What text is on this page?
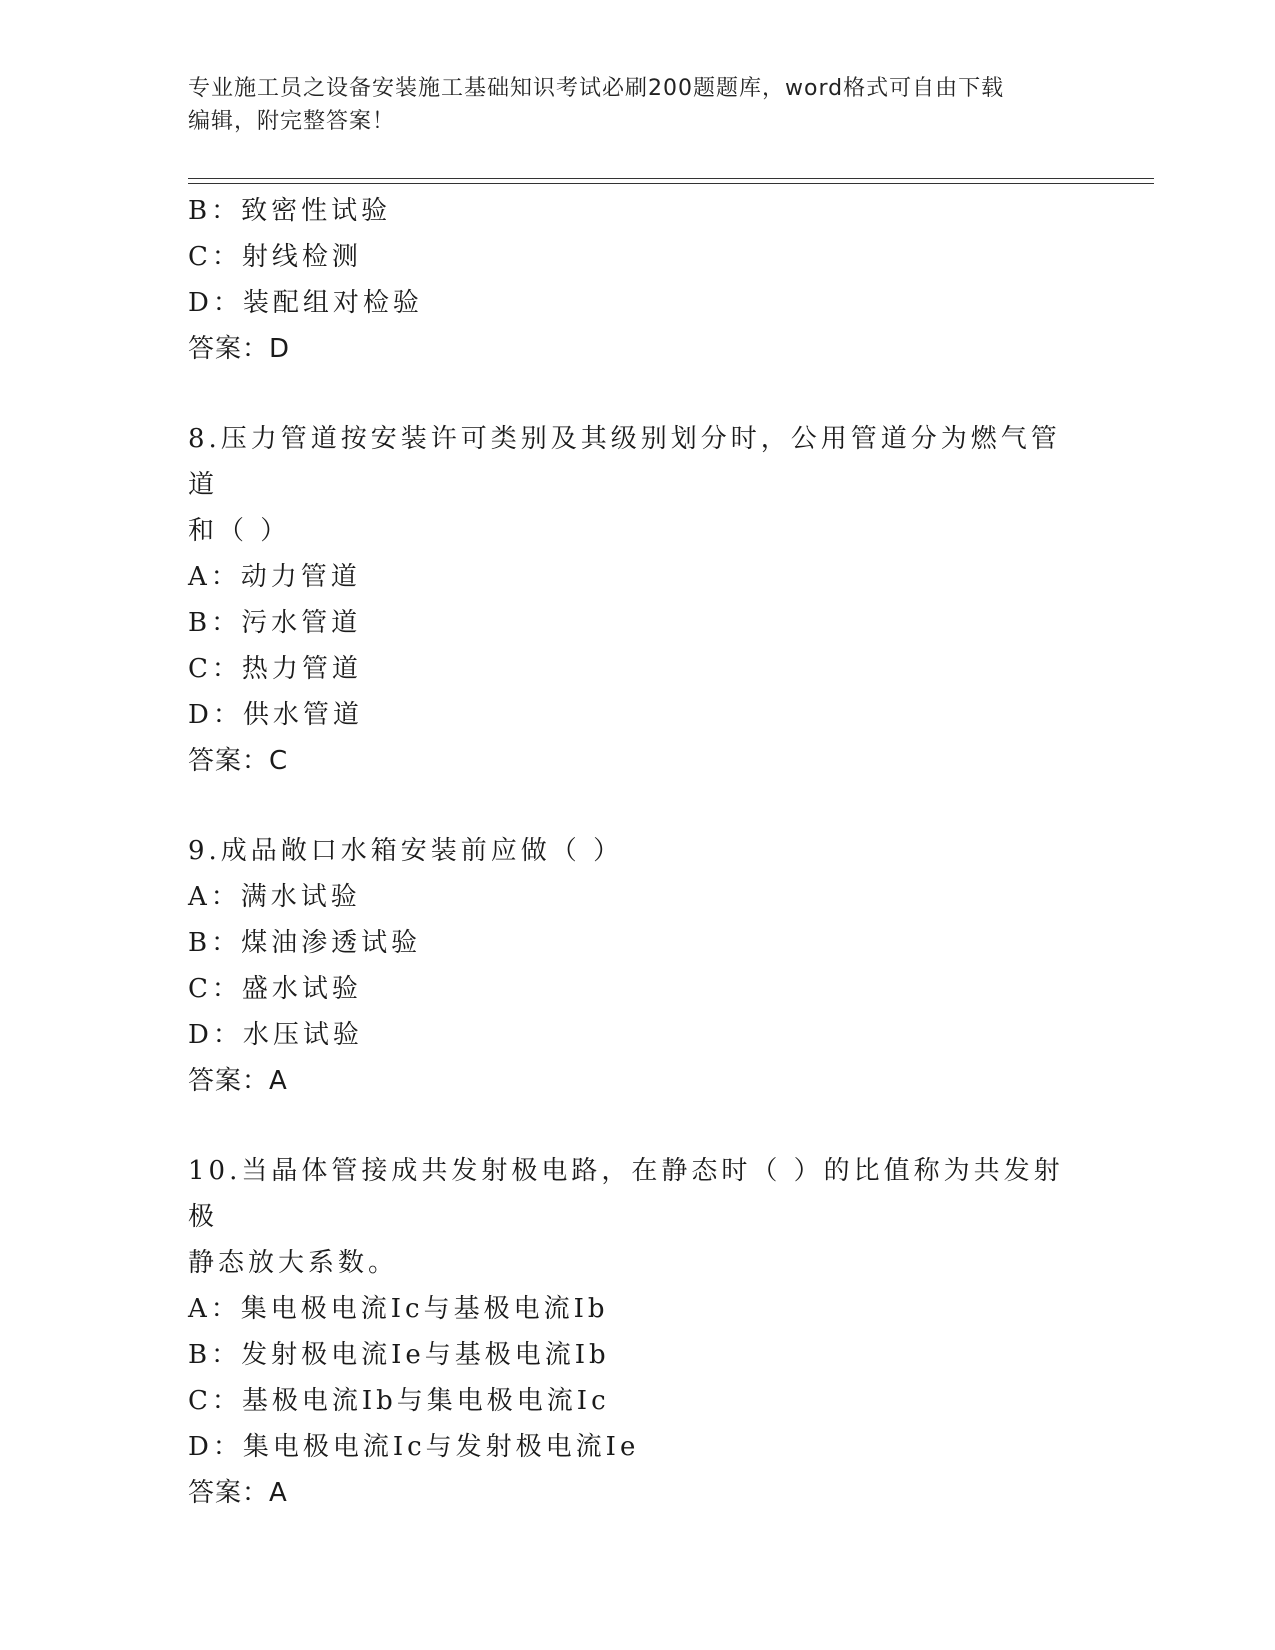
专业施工员之设备安装施工基础知识考试必刷200题题库，word格式可自由下载
编辑，附完整答案！
B：致密性试验
C：射线检测
D：装配组对检验
答案：D
8.压力管道按安装许可类别及其级别划分时，公用管道分为燃气管道
和（ ）
A：动力管道
B：污水管道
C：热力管道
D：供水管道
答案：C
9.成品敞口水箱安装前应做（ ）
A：满水试验
B：煤油渗透试验
C：盛水试验
D：水压试验
答案：A
10.当晶体管接成共发射极电路，在静态时（ ）的比值称为共发射极
静态放大系数。
A：集电极电流Ic与基极电流Ib
B：发射极电流Ie与基极电流Ib
C：基极电流Ib与集电极电流Ic
D：集电极电流Ic与发射极电流Ie
答案：A
